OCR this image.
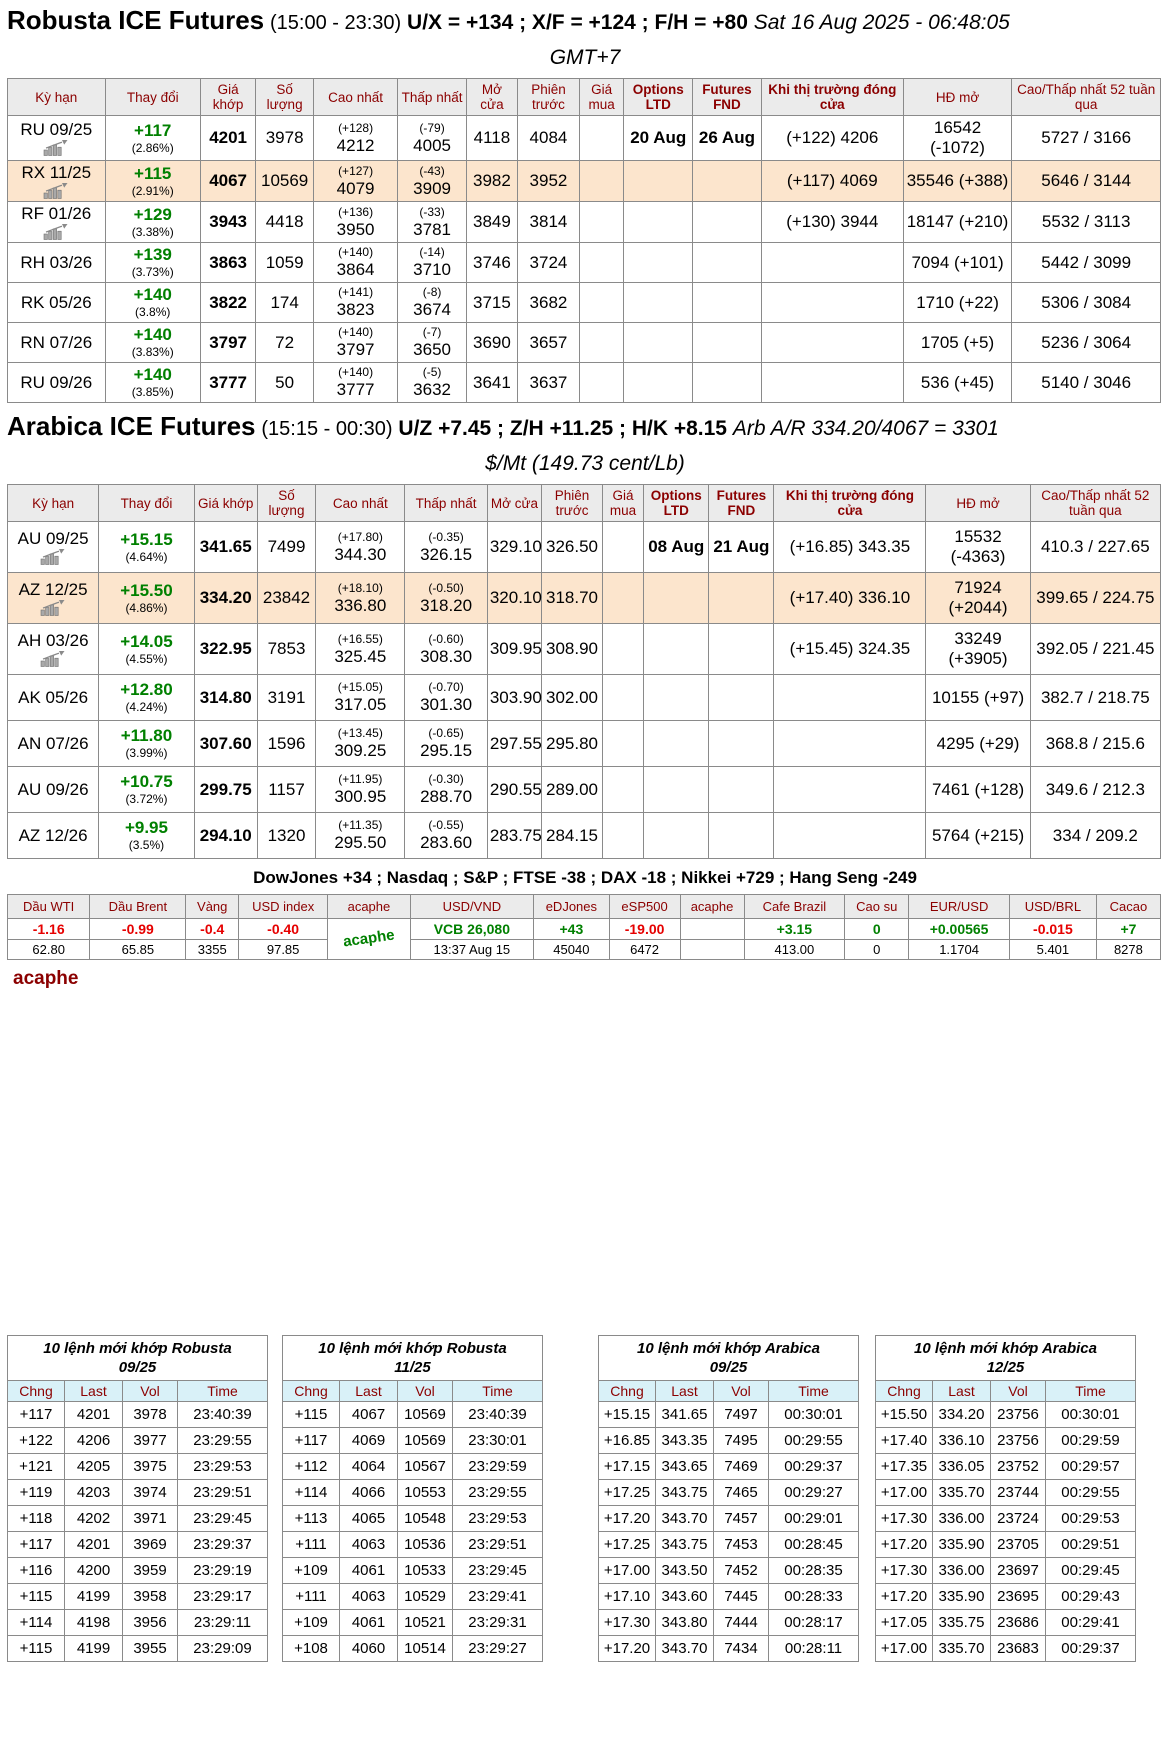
Robusta ICE Futures (15:00 - 23:30) U/X = +134 ; X/F = +124 ; F/H = +80 Sat 16 Aug 2025 - 06:48:05
GMT+7
Kỳ hạn	Thay đổi	Giá khớp	Số lượng	Cao nhất	Thấp nhất	Mở cửa	Phiên trước	Giá mua	Options LTD	Futures FND	Khi thị trường đóng cửa	HĐ mở	Cao/Thấp nhất 52 tuần qua

RU 09/25	+117
(2.86%)
	4201	3978	
(+128)
4212

(-79)
4005	4118	4084		20 Aug	26 Aug	(+122) 4206	16542 (-1072)	5727 / 3166

RX 11/25	+115
(2.91%)
	4067	10569	
(+127)
4079

(-43)
3909	3982	3952				(+117) 4069	35546 (+388)	5646 / 3144

RF 01/26	+129
(3.38%)
	3943	4418	
(+136)
3950

(-33)
3781	3849	3814				(+130) 3944	18147 (+210)	5532 / 3113

RH 03/26	+139
(3.73%)
	3863	1059	
(+140)
3864

(-14)
3710	3746	3724					7094 (+101)	5442 / 3099

RK 05/26	+140
(3.8%)
	3822	174	
(+141)
3823

(-8)
3674	3715	3682					1710 (+22)	5306 / 3084

RN 07/26	+140
(3.83%)
	3797	72	
(+140)
3797

(-7)
3650	3690	3657					1705 (+5)	5236 / 3064

RU 09/26	+140
(3.85%)
	3777	50	
(+140)
3777

(-5)
3632	3641	3637					536 (+45)	5140 / 3046
Arabica ICE Futures (15:15 - 00:30) U/Z +7.45 ; Z/H +11.25 ; H/K +8.15 Arb A/R 334.20/4067 = 3301
$/Mt (149.73 cent/Lb)
Kỳ hạn	Thay đổi	Giá khớp	Số lượng	Cao nhất	Thấp nhất	Mở cửa	Phiên trước	Giá mua	Options LTD	Futures FND	Khi thị trường đóng cửa	HĐ mở	Cao/Thấp nhất 52 tuần qua

AU 09/25	+15.15
(4.64%)
	341.65	7499	
(+17.80)
344.30

(-0.35)
326.15	329.10	326.50		08 Aug	21 Aug	(+16.85) 343.35	15532 (-4363)	410.3 / 227.65

AZ 12/25	+15.50
(4.86%)
	334.20	23842	
(+18.10)
336.80

(-0.50)
318.20	320.10	318.70				(+17.40) 336.10	71924 (+2044)	399.65 / 224.75

AH 03/26	+14.05
(4.55%)
	322.95	7853	
(+16.55)
325.45

(-0.60)
308.30	309.95	308.90				(+15.45) 324.35	33249 (+3905)	392.05 / 221.45

AK 05/26	+12.80
(4.24%)
	314.80	3191	
(+15.05)
317.05

(-0.70)
301.30	303.90	302.00					10155 (+97)	382.7 / 218.75

AN 07/26	+11.80
(3.99%)
	307.60	1596	
(+13.45)
309.25

(-0.65)
295.15	297.55	295.80					4295 (+29)	368.8 / 215.6

AU 09/26	+10.75
(3.72%)
	299.75	1157	
(+11.95)
300.95

(-0.30)
288.70	290.55	289.00					7461 (+128)	349.6 / 212.3

AZ 12/26	+9.95
(3.5%)
	294.10	1320	
(+11.35)
295.50

(-0.55)
283.60	283.75	284.15					5764 (+215)	334 / 209.2
DowJones +34 ; Nasdaq ; S&P ; FTSE -38 ; DAX -18 ; Nikkei +729 ; Hang Seng -249
Dầu WTI	Dầu Brent	Vàng	USD index	acaphe	USD/VND	eDJones	eSP500	acaphe	Cafe Brazil	Cao su	EUR/USD	USD/BRL	Cacao

-1.16	-0.99	-0.4	-0.40	acaphe	VCB 26,080	+43	-19.00		+3.15	0	+0.00565	-0.015	+7

62.80	65.85	3355	97.85		13:37 Aug 15	45040	6472		413.00	0	1.1704	5.401	8278
acaphe
10 lệnh mới khớp Robusta
09/25			

Chng	Last	Vol	Time
+117	4201	3978	23:40:39
+122	4206	3977	23:29:55
+121	4205	3975	23:29:53
+119	4203	3974	23:29:51
+118	4202	3971	23:29:45
+117	4201	3969	23:29:37
+116	4200	3959	23:29:19
+115	4199	3958	23:29:17
+114	4198	3956	23:29:11
+115	4199	3955	23:29:09
10 lệnh mới khớp Robusta
11/25			

Chng	Last	Vol	Time
+115	4067	10569	23:40:39
+117	4069	10569	23:30:01
+112	4064	10567	23:29:59
+114	4066	10553	23:29:55
+113	4065	10548	23:29:53
+111	4063	10536	23:29:51
+109	4061	10533	23:29:45
+111	4063	10529	23:29:41
+109	4061	10521	23:29:31
+108	4060	10514	23:29:27
10 lệnh mới khớp Arabica
09/25			

Chng	Last	Vol	Time
+15.15	341.65	7497	00:30:01
+16.85	343.35	7495	00:29:55
+17.15	343.65	7469	00:29:37
+17.25	343.75	7465	00:29:27
+17.20	343.70	7457	00:29:01
+17.25	343.75	7453	00:28:45
+17.00	343.50	7452	00:28:35
+17.10	343.60	7445	00:28:33
+17.30	343.80	7444	00:28:17
+17.20	343.70	7434	00:28:11
10 lệnh mới khớp Arabica
12/25			

Chng	Last	Vol	Time
+15.50	334.20	23756	00:30:01
+17.40	336.10	23756	00:29:59
+17.35	336.05	23752	00:29:57
+17.00	335.70	23744	00:29:55
+17.30	336.00	23724	00:29:53
+17.20	335.90	23705	00:29:51
+17.30	336.00	23697	00:29:45
+17.20	335.90	23695	00:29:43
+17.05	335.75	23686	00:29:41
+17.00	335.70	23683	00:29:37
